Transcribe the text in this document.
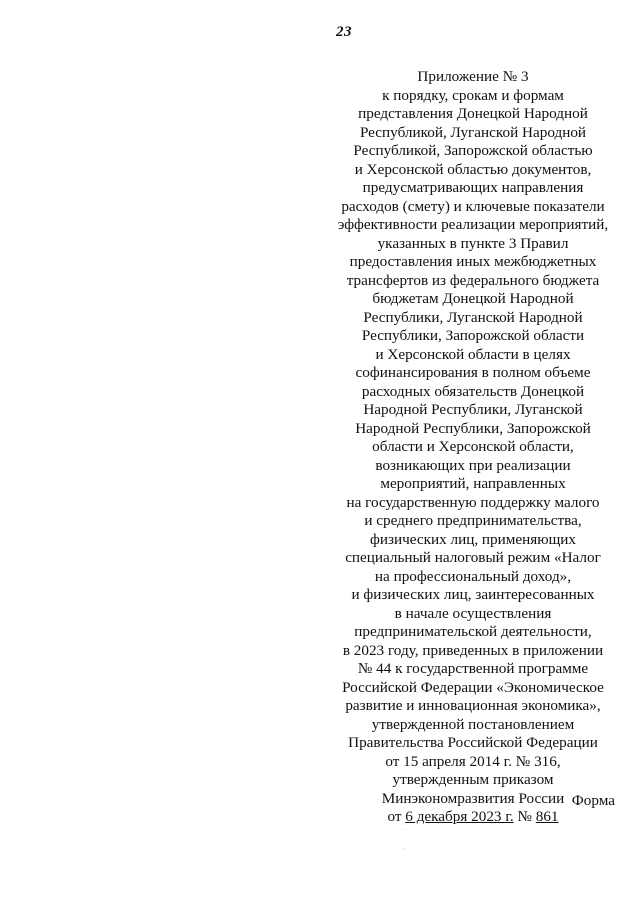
23
Приложение № 3
к порядку, срокам и формам
представления Донецкой Народной
Республикой, Луганской Народной
Республикой, Запорожской областью
и Херсонской областью документов,
предусматривающих направления
расходов (смету) и ключевые показатели
эффективности реализации мероприятий,
указанных в пункте 3 Правил
предоставления иных межбюджетных
трансфертов из федерального бюджета
бюджетам Донецкой Народной
Республики, Луганской Народной
Республики, Запорожской области
и Херсонской области в целях
софинансирования в полном объеме
расходных обязательств Донецкой
Народной Республики, Луганской
Народной Республики, Запорожской
области и Херсонской области,
возникающих при реализации
мероприятий, направленных
на государственную поддержку малого
и среднего предпринимательства,
физических лиц, применяющих
специальный налоговый режим «Налог
на профессиональный доход»,
и физических лиц, заинтересованных
в начале осуществления
предпринимательской деятельности,
в 2023 году, приведенных в приложении
№ 44 к государственной программе
Российской Федерации «Экономическое
развитие и инновационная экономика»,
утвержденной постановлением
Правительства Российской Федерации
от 15 апреля 2014 г. № 316,
утвержденным приказом
Минэкономразвития России
от 6 декабря 2023 г. № 861
Форма
